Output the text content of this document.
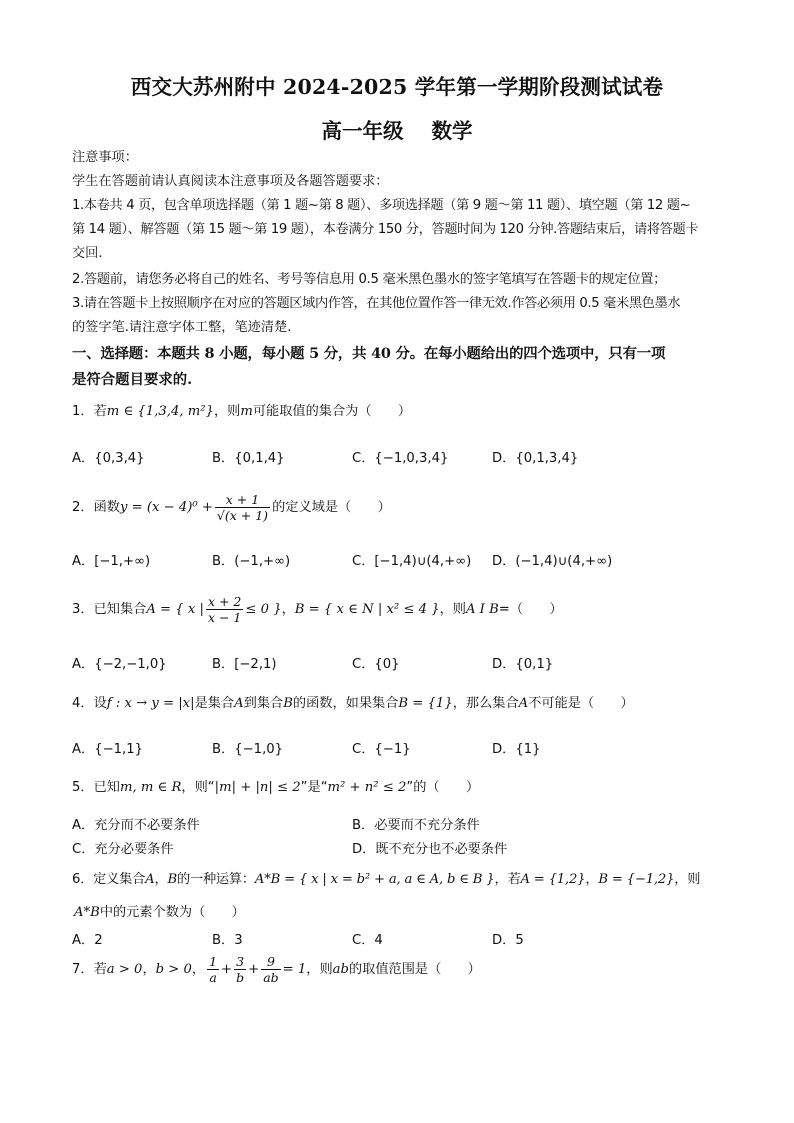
西交大苏州附中 2024-2025 学年第一学期阶段测试试卷
高一年级 数学
注意事项：
学生在答题前请认真阅读本注意事项及各题答题要求：
1.本卷共 4 页，包含单项选择题（第 1 题~第 8 题）、多项选择题（第 9 题～第 11 题）、填空题（第 12 题~
第 14 题）、解答题（第 15 题～第 19 题），本卷满分 150 分，答题时间为 120 分钟.答题结束后，请将答题卡
交回.
2.答题前，请您务必将自己的姓名、考号等信息用 0.5 毫米黑色墨水的签字笔填写在答题卡的规定位置；
3.请在答题卡上按照顺序在对应的答题区域内作答，在其他位置作答一律无效.作答必须用 0.5 毫米黑色墨水
的签字笔.请注意字体工整，笔迹清楚.
一、选择题：本题共 8 小题，每小题 5 分，共 40 分。在每小题给出的四个选项中，只有一项
是符合题目要求的.
1．若m ∈ {1,3,4, m²}，则m可能取值的集合为（　　）
A．{0,3,4}	B．{0,1,4}	C．{−1,0,3,4}	D．{0,1,3,4}
2．函数$y = (x - 4)^0 + \frac{x + 1}{√(x + 1)}$ 的定义域是（　　）
A．[−1,+∞)	B．(−1,+∞)	C．[−1,4)∪(4,+∞) D．(−1,4)∪(4,+∞)
3．已知集合A = { x | $\frac{x + 2}{x - 1} \le 0$ }，B = { x ∈ N | x² ≤ 4 }，则A I B=（　　）
A．{−2,−1,0}	B．[−2,1)	C．{0}	D．{0,1}
4．设f : x → y = |x|是集合A到集合B的函数，如果集合B = {1}，那么集合A不可能是（　　）
A．{−1,1}	B．{−1,0}	C．{−1}	D．{1}
5．已知m, m ∈ R，则“|m| + |n| ≤ 2”是“m² + n² ≤ 2”的（　　）
A．充分而不必要条件	B．必要而不充分条件
C．充分必要条件	D．既不充分也不必要条件
6．定义集合A，B的一种运算：A*B = { x | x = b² + a, a ∈ A, b ∈ B }，若A = {1,2}，B = {−1,2}，则
A*B中的元素个数为（　　）
A．2	B．3	C．4	D．5
7．若a > 0，b > 0， $\frac{1}{a} + \frac{3}{b} + \frac{9}{ab} = 1$，则ab的取值范围是（　　）
